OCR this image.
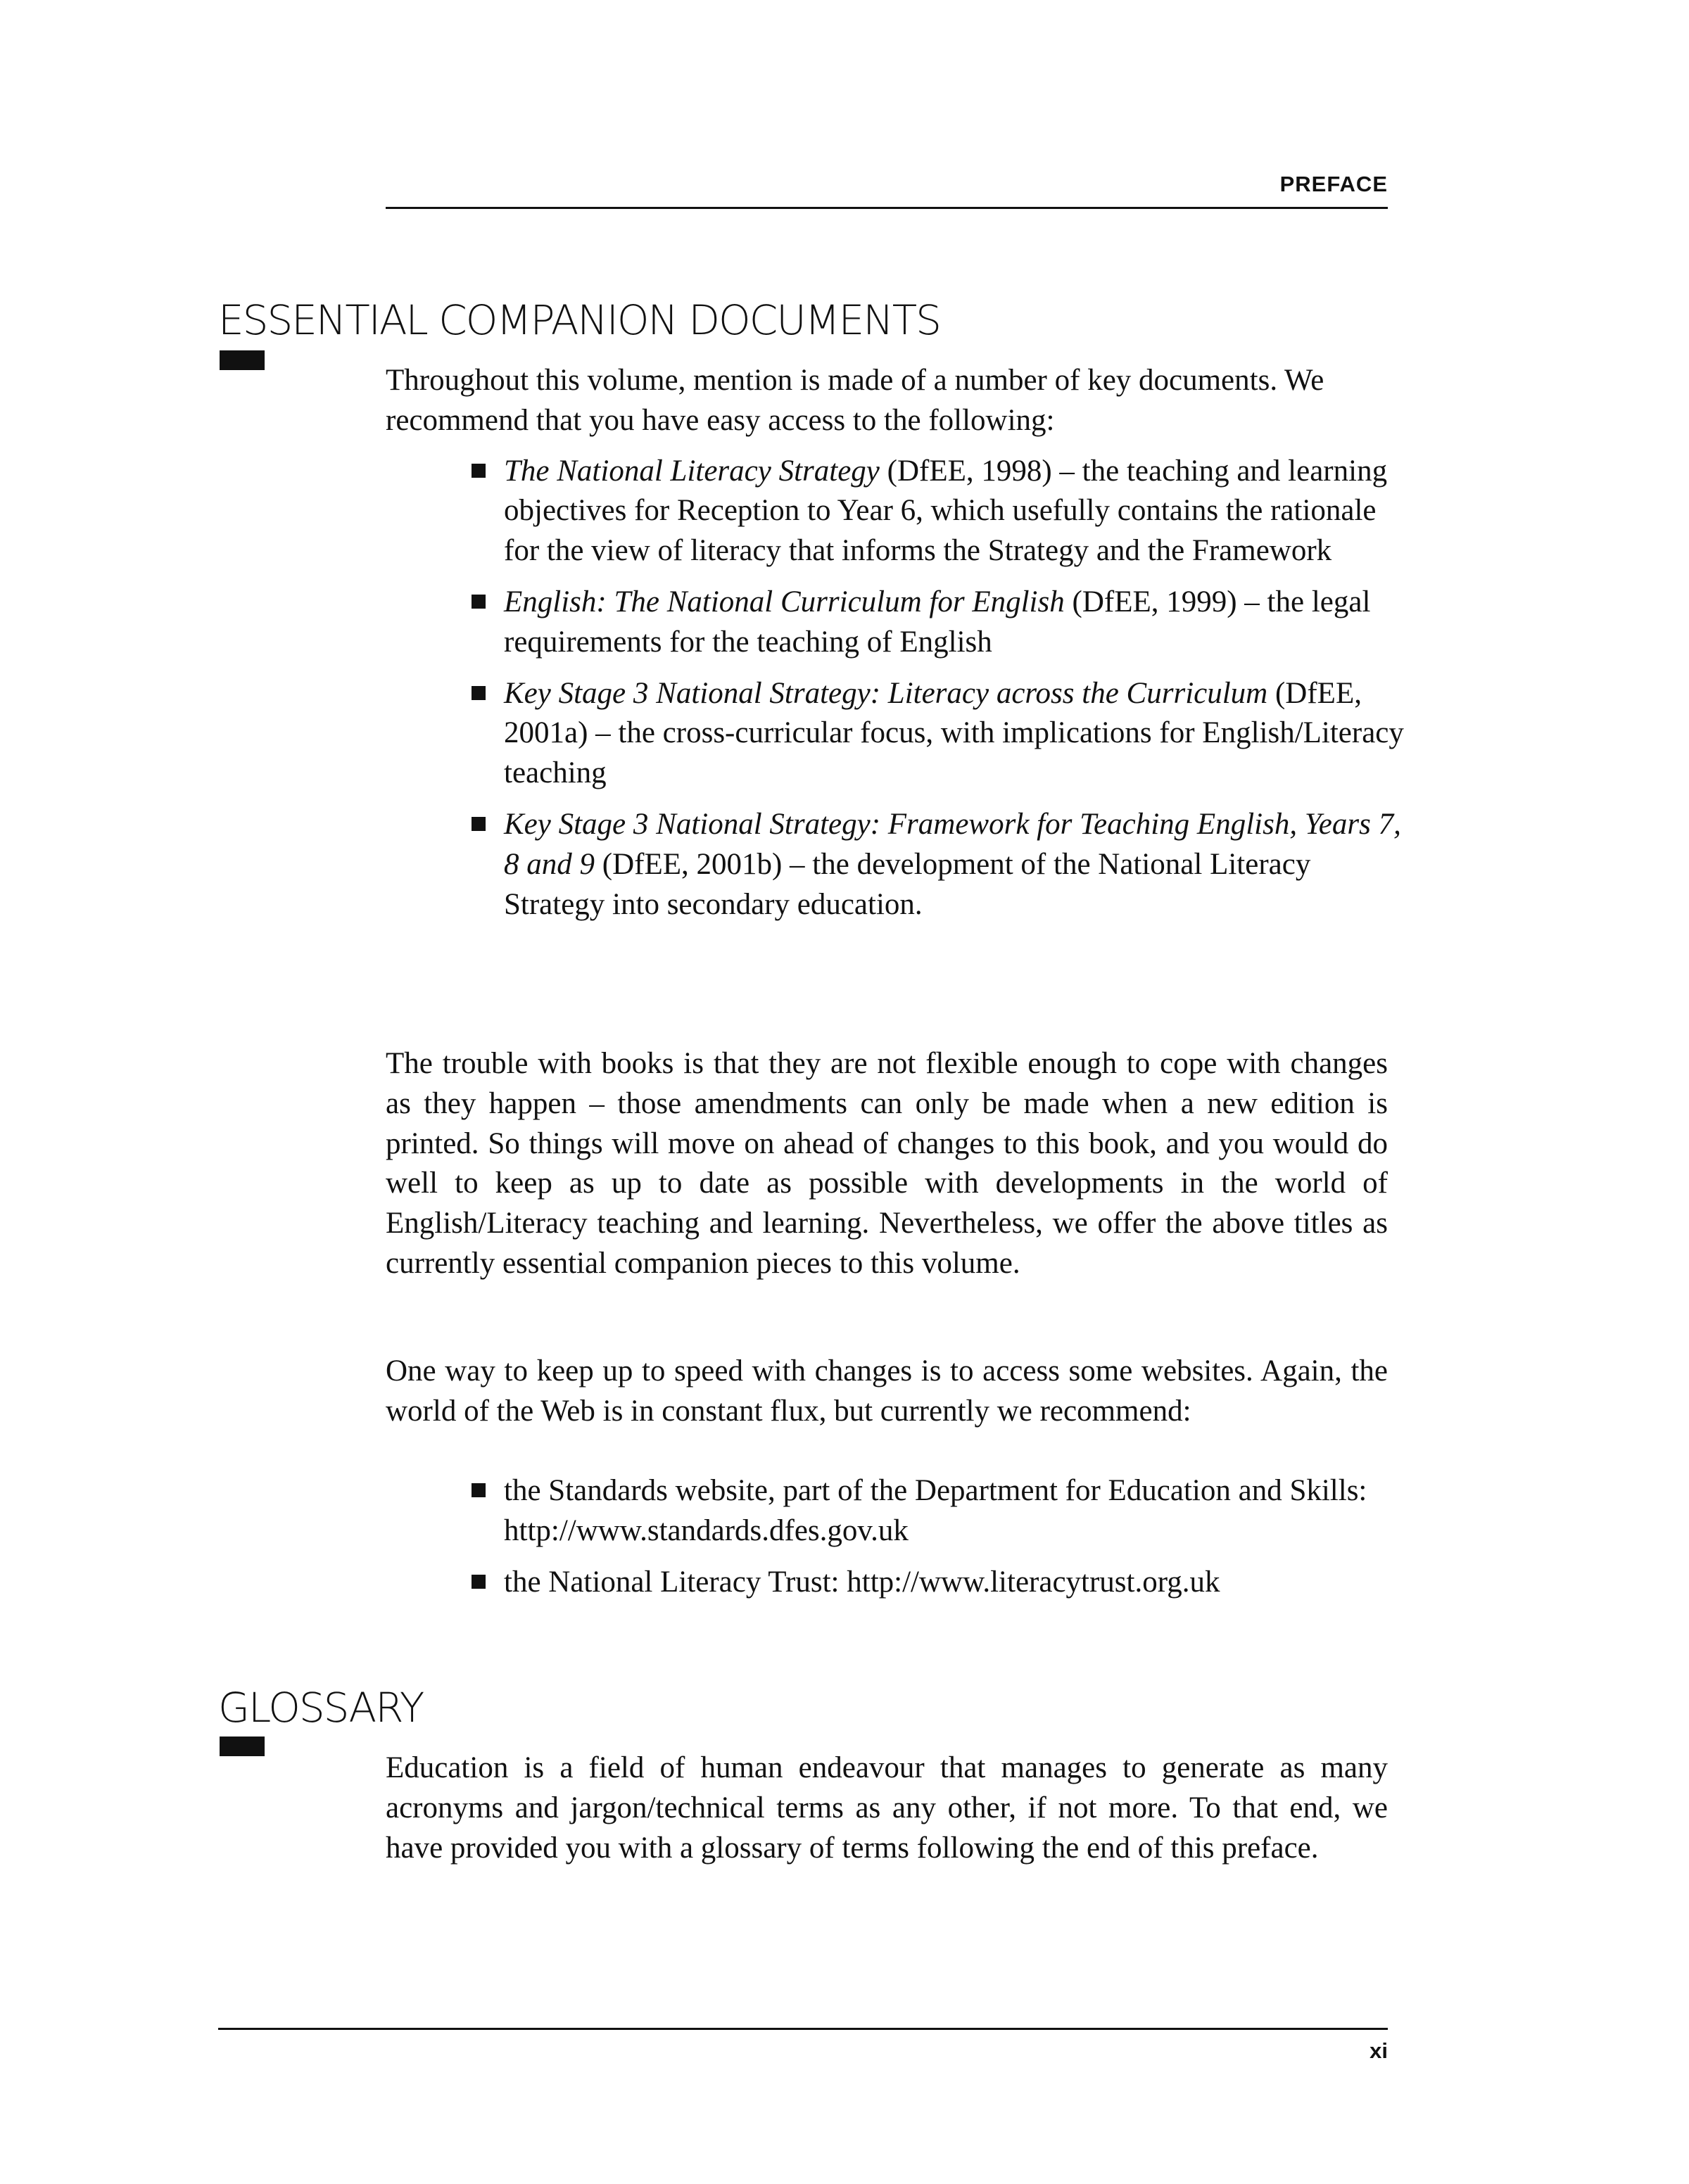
PREFACE
ESSENTIAL COMPANION DOCUMENTS

Throughout this volume, mention is made of a number of key documents. We recommend that you have easy access to the following:

The National Literacy Strategy (DfEE, 1998) – the teaching and learning objectives for Reception to Year 6, which usefully contains the rationale for the view of literacy that informs the Strategy and the Framework
English: The National Curriculum for English (DfEE, 1999) – the legal requirements for the teaching of English
Key Stage 3 National Strategy: Literacy across the Curriculum (DfEE, 2001a) – the cross-curricular focus, with implications for English/Literacy teaching
Key Stage 3 National Strategy: Framework for Teaching English, Years 7, 8 and 9 (DfEE, 2001b) – the development of the National Literacy Strategy into secondary education.

The trouble with books is that they are not flexible enough to cope with changes as they happen – those amendments can only be made when a new edition is printed. So things will move on ahead of changes to this book, and you would do well to keep as up to date as possible with developments in the world of English/Literacy teaching and learning. Nevertheless, we offer the above titles as currently essential companion pieces to this volume.

One way to keep up to speed with changes is to access some websites. Again, the world of the Web is in constant flux, but currently we recommend:

the Standards website, part of the Department for Education and Skills: http://www.standards.dfes.gov.uk
the National Literacy Trust: http://www.literacytrust.org.uk
GLOSSARY

Education is a field of human endeavour that manages to generate as many acronyms and jargon/technical terms as any other, if not more. To that end, we have provided you with a glossary of terms following the end of this preface.

xi
